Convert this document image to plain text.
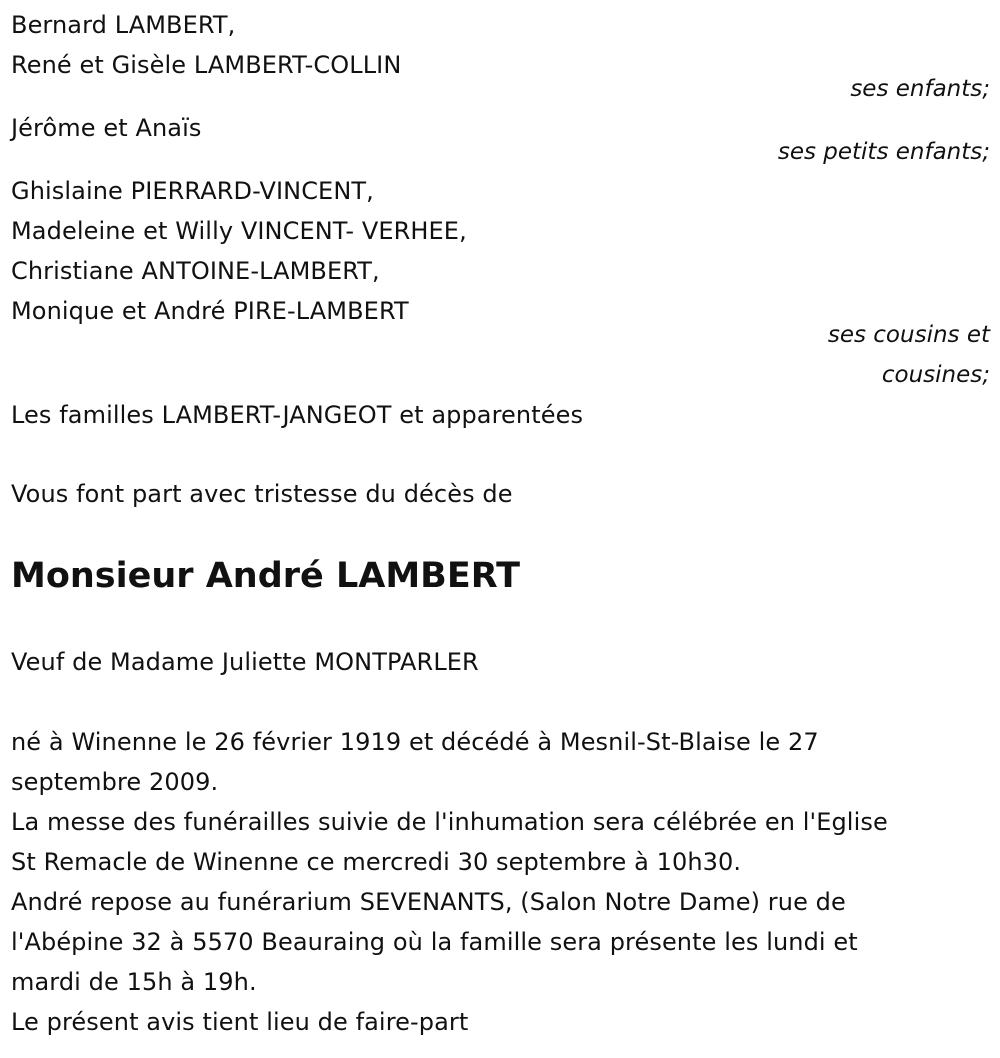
Bernard LAMBERT,
René et Gisèle LAMBERT-COLLIN
ses enfants;
Jérôme et Anaïs
ses petits enfants;
Ghislaine PIERRARD-VINCENT,
Madeleine et Willy VINCENT- VERHEE,
Christiane ANTOINE-LAMBERT,
Monique et André PIRE-LAMBERT
ses cousins et
cousines;
Les familles LAMBERT-JANGEOT et apparentées
Vous font part avec tristesse du décès de
Monsieur André LAMBERT
Veuf de Madame Juliette MONTPARLER
né à Winenne le 26 février 1919 et décédé à Mesnil-St-Blaise le 27
septembre 2009.
La messe des funérailles suivie de l'inhumation sera célébrée en l'Eglise
St Remacle de Winenne ce mercredi 30 septembre à 10h30.
André repose au funérarium SEVENANTS, (Salon Notre Dame) rue de
l'Abépine 32 à 5570 Beauraing où la famille sera présente les lundi et
mardi de 15h à 19h.
Le présent avis tient lieu de faire-part
